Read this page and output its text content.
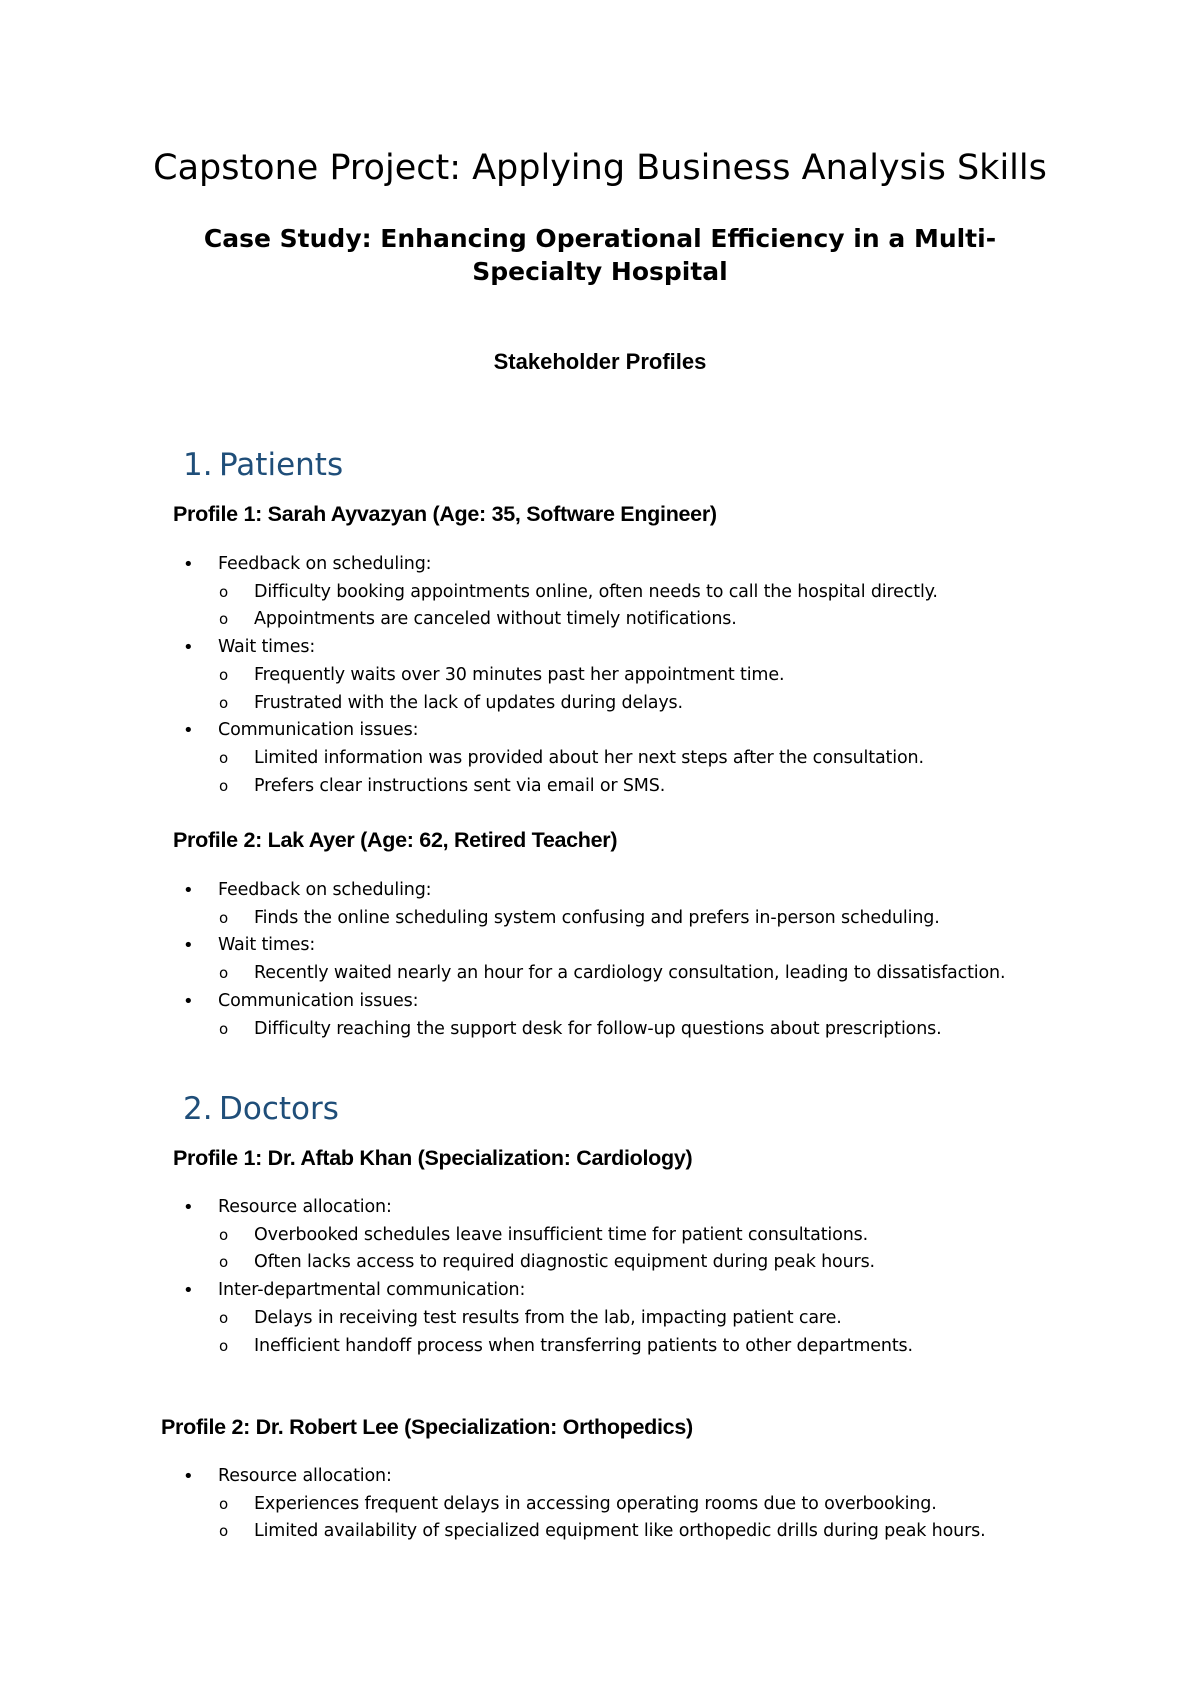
Capstone Project: Applying Business Analysis Skills
Case Study: Enhancing Operational Efficiency in a Multi-Specialty Hospital
Stakeholder Profiles
1. Patients
Profile 1: Sarah Ayvazyan (Age: 35, Software Engineer)
• Feedback on scheduling:
o Difficulty booking appointments online, often needs to call the hospital directly.
o Appointments are canceled without timely notifications.
• Wait times:
o Frequently waits over 30 minutes past her appointment time.
o Frustrated with the lack of updates during delays.
• Communication issues:
o Limited information was provided about her next steps after the consultation.
o Prefers clear instructions sent via email or SMS.
Profile 2: Lak Ayer (Age: 62, Retired Teacher)
• Feedback on scheduling:
o Finds the online scheduling system confusing and prefers in-person scheduling.
• Wait times:
o Recently waited nearly an hour for a cardiology consultation, leading to dissatisfaction.
• Communication issues:
o Difficulty reaching the support desk for follow-up questions about prescriptions.
2. Doctors
Profile 1: Dr. Aftab Khan (Specialization: Cardiology)
• Resource allocation:
o Overbooked schedules leave insufficient time for patient consultations.
o Often lacks access to required diagnostic equipment during peak hours.
• Inter-departmental communication:
o Delays in receiving test results from the lab, impacting patient care.
o Inefficient handoff process when transferring patients to other departments.
Profile 2: Dr. Robert Lee (Specialization: Orthopedics)
• Resource allocation:
o Experiences frequent delays in accessing operating rooms due to overbooking.
o Limited availability of specialized equipment like orthopedic drills during peak hours.
